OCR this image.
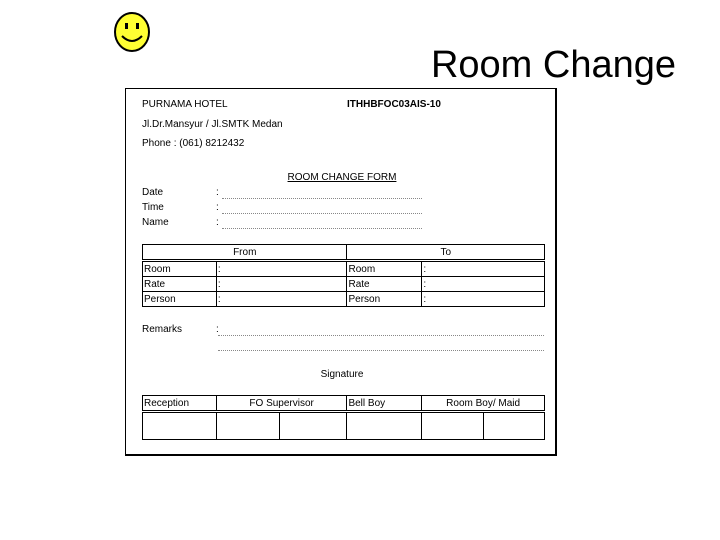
Room Change
PURNAMA HOTEL	ITHHBFOC03AIS-10
Jl.Dr.Mansyur / Jl.SMTK Medan
Phone : (061) 8212432
ROOM CHANGE FORM
Date	:
Time	:
Name	:
From		To	
Room	:	Room	:
Rate	:	Rate	:
Person	:	Person	:
Remarks	:
Signature
Reception	FO Supervisor		Bell Boy	Room Boy/ Maid	
